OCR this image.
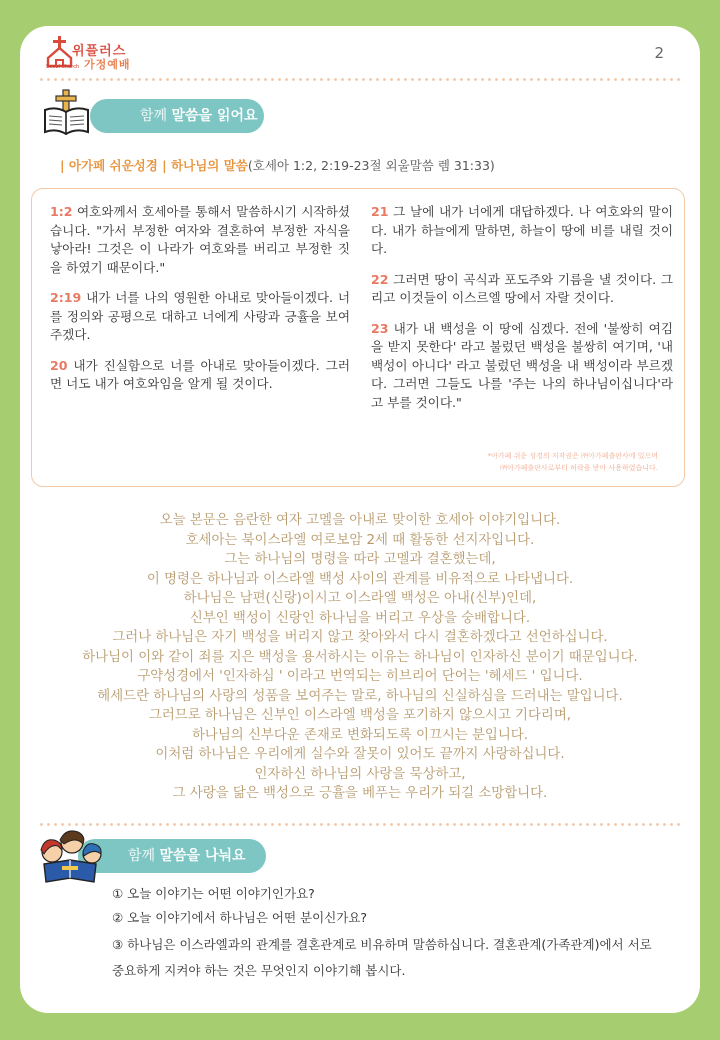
위플러스
가정예배
Seoul Church
2
함께 말씀을 읽어요
| 아가페 쉬운성경 | 하나님의 말씀(호세아 1:2, 2:19-23절 외울말씀 렘 31:33)

1:2 여호와께서 호세아를 통해서 말씀하시기 시작하셨습니다. "가서 부정한 여자와 결혼하여 부정한 자식을 낳아라! 그것은 이 나라가 여호와를 버리고 부정한 짓을 하였기 때문이다."

2:19 내가 너를 나의 영원한 아내로 맞아들이겠다. 너를 정의와 공평으로 대하고 너에게 사랑과 긍휼을 보여 주겠다.

20 내가 진실함으로 너를 아내로 맞아들이겠다. 그러면 너도 내가 여호와임을 알게 될 것이다.

21 그 날에 내가 너에게 대답하겠다. 나 여호와의 말이다. 내가 하늘에게 말하면, 하늘이 땅에 비를 내릴 것이다.

22 그러면 땅이 곡식과 포도주와 기름을 낼 것이다. 그리고 이것들이 이스르엘 땅에서 자랄 것이다.

23 내가 내 백성을 이 땅에 심겠다. 전에 '불쌍히 여김을 받지 못한다' 라고 불렀던 백성을 불쌍히 여기며, '내 백성이 아니다' 라고 불렀던 백성을 내 백성이라 부르겠다. 그러면 그들도 나를 '주는 나의 하나님이십니다'라고 부를 것이다."

*아가페 쉬운 성경의 저작권은 ㈜아가페출판사에 있으며
㈜아가페출판사로부터 허락을 받아 사용하였습니다.
오늘 본문은 음란한 여자 고멜을 아내로 맞이한 호세아 이야기입니다.
호세아는 북이스라엘 여로보암 2세 때 활동한 선지자입니다.
그는 하나님의 명령을 따라 고멜과 결혼했는데,
이 명령은 하나님과 이스라엘 백성 사이의 관계를 비유적으로 나타냅니다.
하나님은 남편(신랑)이시고 이스라엘 백성은 아내(신부)인데,
신부인 백성이 신랑인 하나님을 버리고 우상을 숭배합니다.
그러나 하나님은 자기 백성을 버리지 않고 찾아와서 다시 결혼하겠다고 선언하십니다.
하나님이 이와 같이 죄를 지은 백성을 용서하시는 이유는 하나님이 인자하신 분이기 때문입니다.
구약성경에서 '인자하심 ' 이라고 번역되는 히브리어 단어는 '헤세드 ' 입니다.
헤세드란 하나님의 사랑의 성품을 보여주는 말로, 하나님의 신실하심을 드러내는 말입니다.
그러므로 하나님은 신부인 이스라엘 백성을 포기하지 않으시고 기다리며,
하나님의 신부다운 존재로 변화되도록 이끄시는 분입니다.
이처럼 하나님은 우리에게 실수와 잘못이 있어도 끝까지 사랑하십니다.
인자하신 하나님의 사랑을 묵상하고,
그 사랑을 닮은 백성으로 긍휼을 베푸는 우리가 되길 소망합니다.
함께 말씀을 나눠요
① 오늘 이야기는 어떤 이야기인가요?
② 오늘 이야기에서 하나님은 어떤 분이신가요?
③ 하나님은 이스라엘과의 관계를 결혼관계로 비유하며 말씀하십니다. 결혼관계(가족관계)에서 서로 중요하게 지켜야 하는 것은 무엇인지 이야기해 봅시다.
